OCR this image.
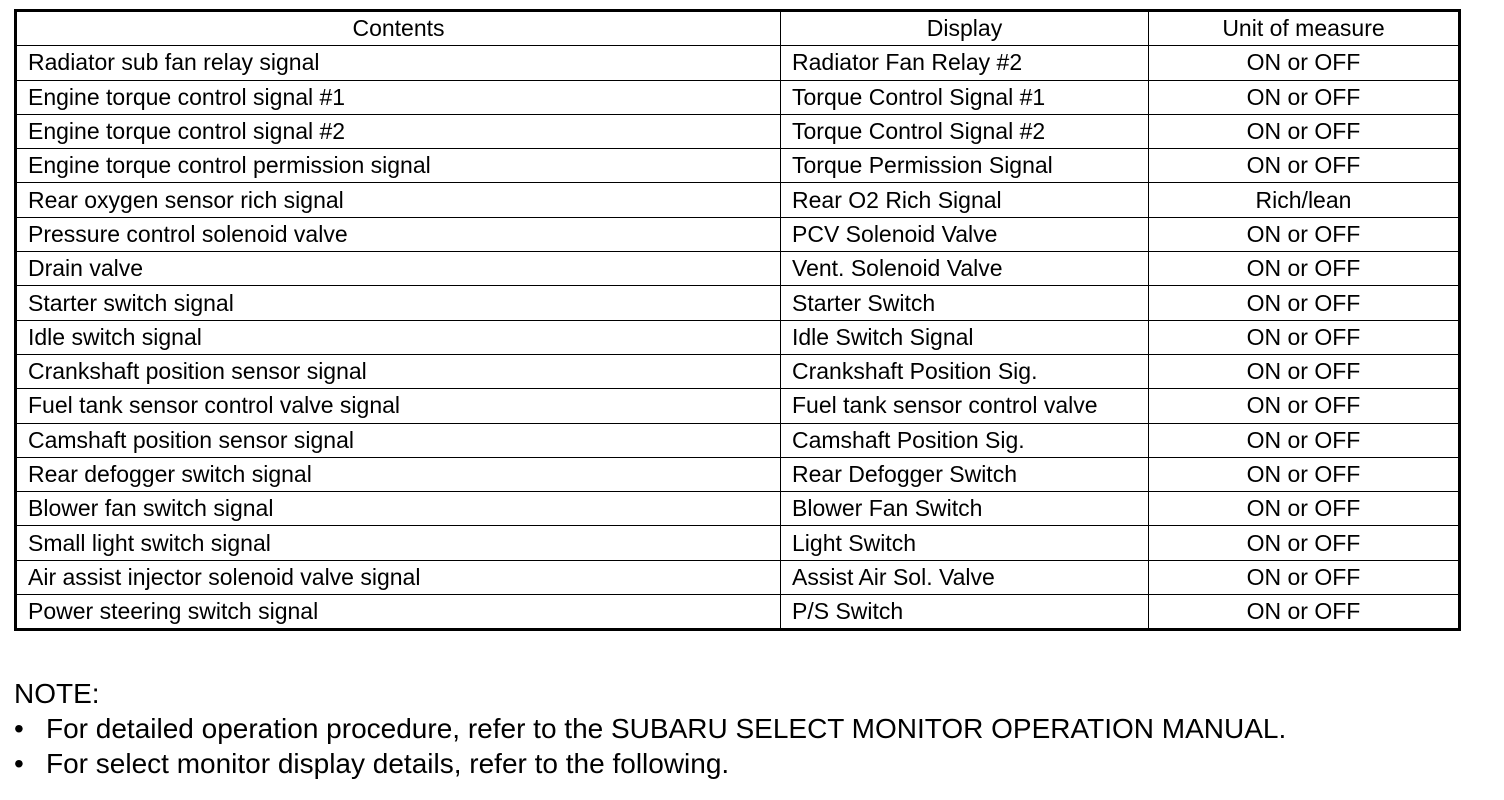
Contents	Display	Unit of measure
Radiator sub fan relay signal	Radiator Fan Relay #2	ON or OFF
Engine torque control signal #1	Torque Control Signal #1	ON or OFF
Engine torque control signal #2	Torque Control Signal #2	ON or OFF
Engine torque control permission signal	Torque Permission Signal	ON or OFF
Rear oxygen sensor rich signal	Rear O2 Rich Signal	Rich/lean
Pressure control solenoid valve	PCV Solenoid Valve	ON or OFF
Drain valve	Vent. Solenoid Valve	ON or OFF
Starter switch signal	Starter Switch	ON or OFF
Idle switch signal	Idle Switch Signal	ON or OFF
Crankshaft position sensor signal	Crankshaft Position Sig.	ON or OFF
Fuel tank sensor control valve signal	Fuel tank sensor control valve	ON or OFF
Camshaft position sensor signal	Camshaft Position Sig.	ON or OFF
Rear defogger switch signal	Rear Defogger Switch	ON or OFF
Blower fan switch signal	Blower Fan Switch	ON or OFF
Small light switch signal	Light Switch	ON or OFF
Air assist injector solenoid valve signal	Assist Air Sol. Valve	ON or OFF
Power steering switch signal	P/S Switch	ON or OFF

NOTE:

• For detailed operation procedure, refer to the SUBARU SELECT MONITOR OPERATION MANUAL.

• For select monitor display details, refer to the following.
